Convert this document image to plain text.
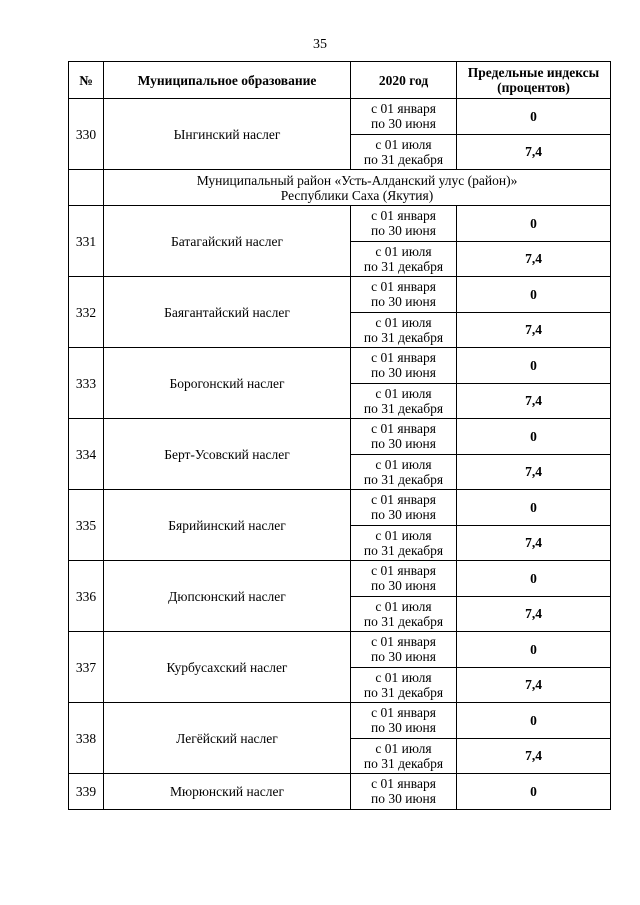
35
№	Муниципальное образование	2020 год	Предельные индексы
(процентов)

330	Ынгинский наслег	с 01 января
по 30 июня	0

		с 01 июля
по 31 декабря	7,4

	Муниципальный район «Усть-Алданский улус (район)»
Республики Саха (Якутия)		

331	Батагайский наслег	с 01 января
по 30 июня	0

		с 01 июля
по 31 декабря	7,4
332	Баягантайский наслег	с 01 января
по 30 июня	0

		с 01 июля
по 31 декабря	7,4
333	Борогонский наслег	с 01 января
по 30 июня	0

		с 01 июля
по 31 декабря	7,4
334	Берт-Усовский наслег	с 01 января
по 30 июня	0

		с 01 июля
по 31 декабря	7,4
335	Бярийинский наслег	с 01 января
по 30 июня	0

		с 01 июля
по 31 декабря	7,4
336	Дюпсюнский наслег	с 01 января
по 30 июня	0

		с 01 июля
по 31 декабря	7,4
337	Курбусахский наслег	с 01 января
по 30 июня	0

		с 01 июля
по 31 декабря	7,4
338	Легёйский наслег	с 01 января
по 30 июня	0

		с 01 июля
по 31 декабря	7,4
339	Мюрюнский наслег	с 01 января
по 30 июня	0
